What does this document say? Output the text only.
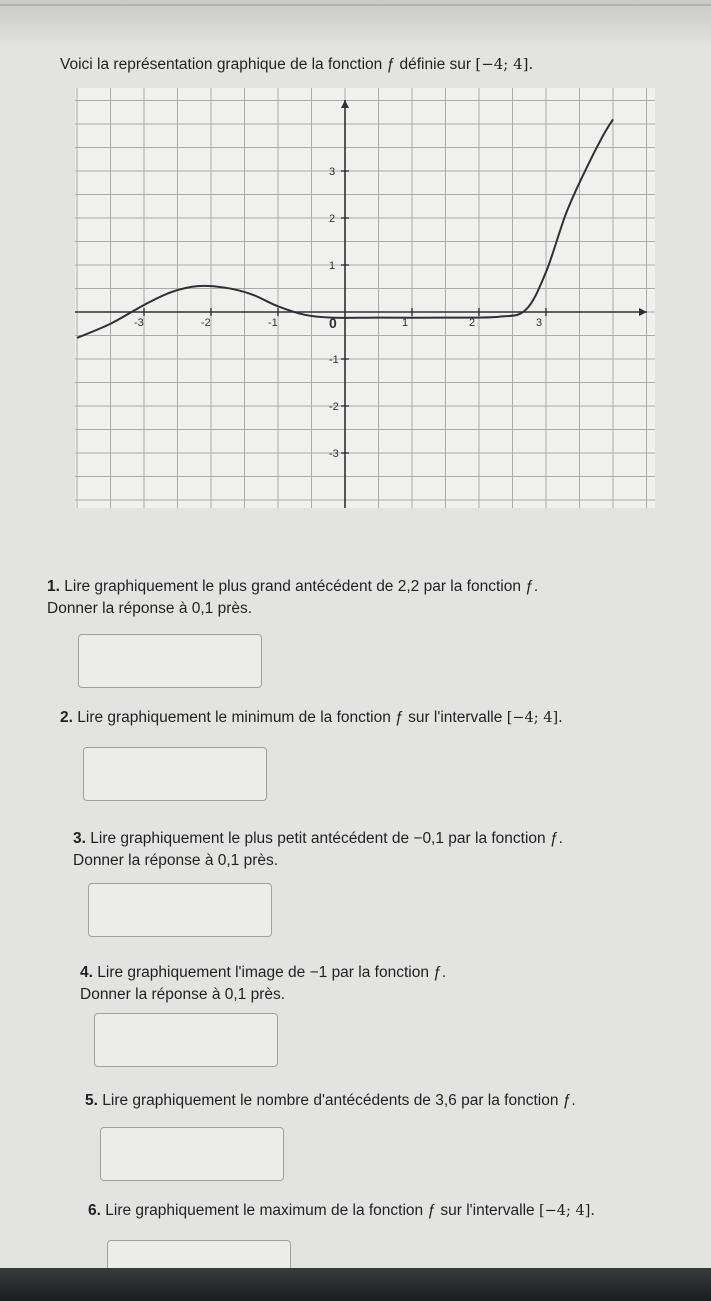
Voici la représentation graphique de la fonction ƒ définie sur [−4; 4].
-3	-2	-1	1	2	3
3
2
1
-1
-2
-3
0
1. Lire graphiquement le plus grand antécédent de 2,2 par la fonction ƒ.
Donner la réponse à 0,1 près.
2. Lire graphiquement le minimum de la fonction ƒ sur l'intervalle [−4; 4].
3. Lire graphiquement le plus petit antécédent de −0,1 par la fonction ƒ.
Donner la réponse à 0,1 près.
4. Lire graphiquement l'image de −1 par la fonction ƒ.
Donner la réponse à 0,1 près.
5. Lire graphiquement le nombre d'antécédents de 3,6 par la fonction ƒ.
6. Lire graphiquement le maximum de la fonction ƒ sur l'intervalle [−4; 4].
